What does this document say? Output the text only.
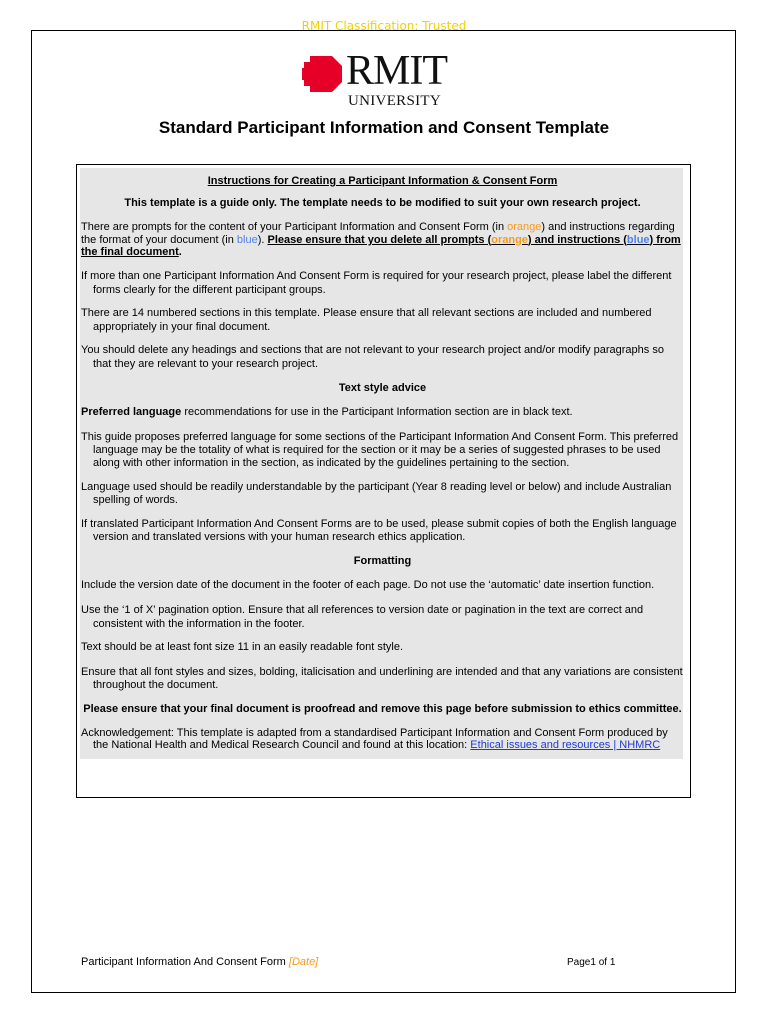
RMIT Classification: Trusted
RMIT
UNIVERSITY
Standard Participant Information and Consent Template

Instructions for Creating a Participant Information & Consent Form

This template is a guide only. The template needs to be modified to suit your own research project.

There are prompts for the content of your Participant Information and Consent Form (in orange) and instructions regarding the format of your document (in blue). Please ensure that you delete all prompts (orange) and instructions (blue) from the final document.

If more than one Participant Information And Consent Form is required for your research project, please label the different forms clearly for the different participant groups.

There are 14 numbered sections in this template. Please ensure that all relevant sections are included and numbered appropriately in your final document.

You should delete any headings and sections that are not relevant to your research project and/or modify paragraphs so that they are relevant to your research project.

Text style advice

Preferred language recommendations for use in the Participant Information section are in black text.

This guide proposes preferred language for some sections of the Participant Information And Consent Form. This preferred language may be the totality of what is required for the section or it may be a series of suggested phrases to be used along with other information in the section, as indicated by the guidelines pertaining to the section.

Language used should be readily understandable by the participant (Year 8 reading level or below) and include Australian spelling of words.

If translated Participant Information And Consent Forms are to be used, please submit copies of both the English language version and translated versions with your human research ethics application.

Formatting

Include the version date of the document in the footer of each page. Do not use the ‘automatic’ date insertion function.

Use the ‘1 of X’ pagination option. Ensure that all references to version date or pagination in the text are correct and consistent with the information in the footer.

Text should be at least font size 11 in an easily readable font style.

Ensure that all font styles and sizes, bolding, italicisation and underlining are intended and that any variations are consistent throughout the document.

Please ensure that your final document is proofread and remove this page before submission to ethics committee.

Acknowledgement: This template is adapted from a standardised Participant Information and Consent Form produced by the National Health and Medical Research Council and found at this location: Ethical issues and resources | NHMRC

Participant Information And Consent Form [Date]	Page1 of 1
